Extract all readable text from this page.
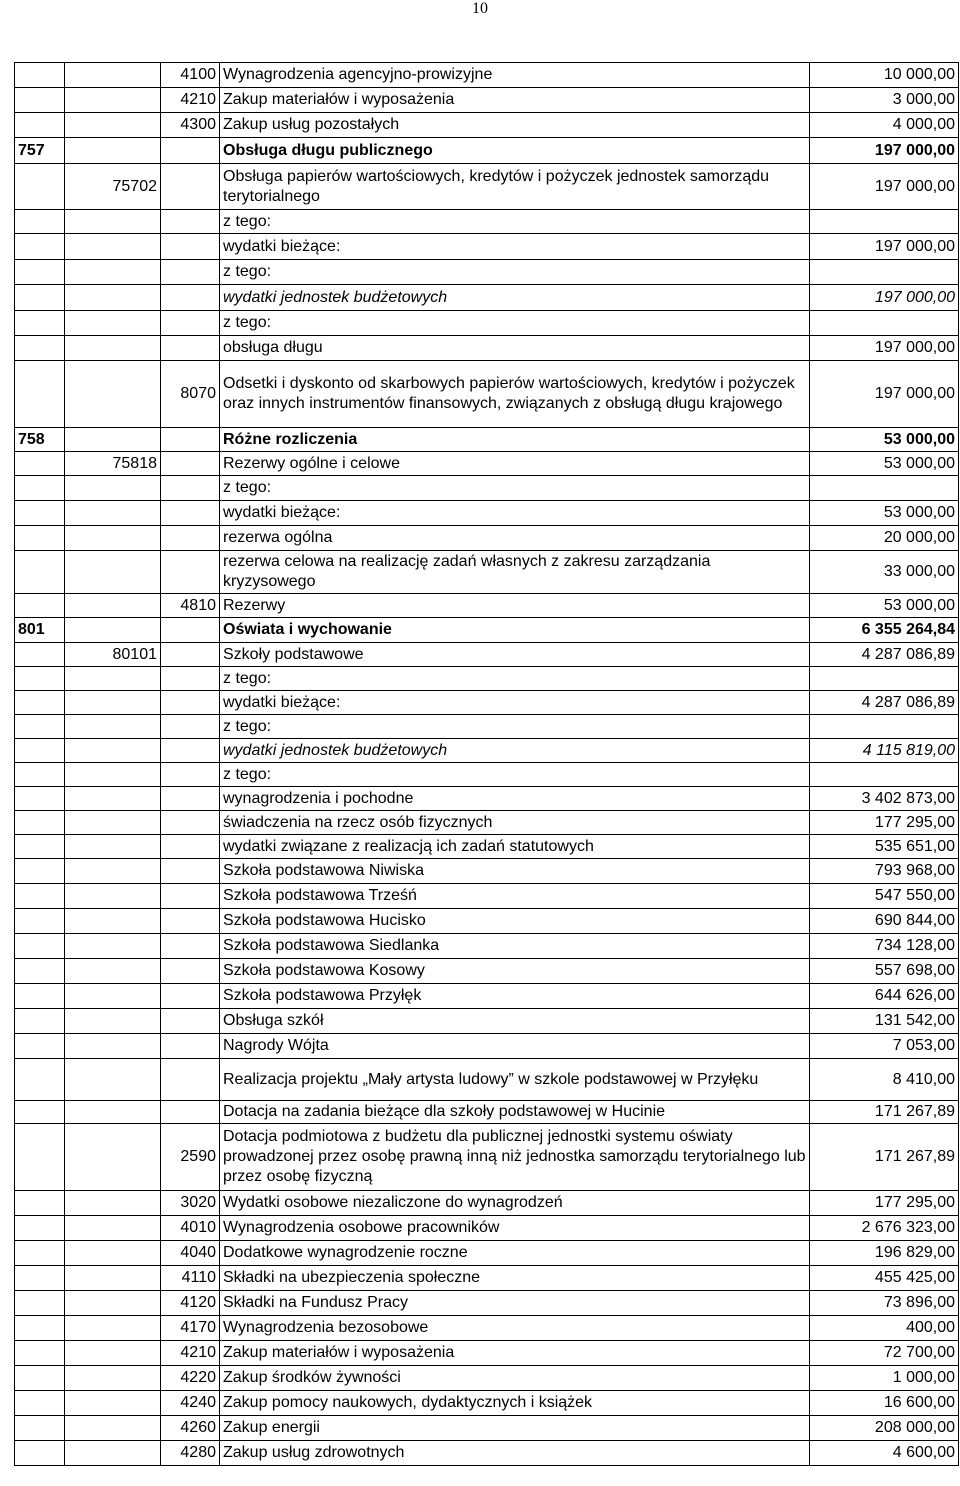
10
		4100	Wynagrodzenia agencyjno-prowizyjne	10 000,00
		4210	Zakup materiałów i wyposażenia	3 000,00
		4300	Zakup usług pozostałych	4 000,00
757			Obsługa długu publicznego	197 000,00
	75702		Obsługa papierów wartościowych, kredytów i pożyczek jednostek samorządu terytorialnego	197 000,00
			z tego:	
			wydatki bieżące:	197 000,00
			z tego:	
			wydatki jednostek budżetowych	197 000,00
			z tego:	
			obsługa długu	197 000,00
		8070	Odsetki i dyskonto od skarbowych papierów wartościowych, kredytów i pożyczek oraz innych instrumentów finansowych, związanych z obsługą długu krajowego	197 000,00
758			Różne rozliczenia	53 000,00
	75818		Rezerwy ogólne i celowe	53 000,00
			z tego:	
			wydatki bieżące:	53 000,00
			rezerwa ogólna	20 000,00
			rezerwa celowa na realizację zadań własnych z zakresu zarządzania kryzysowego	33 000,00
		4810	Rezerwy	53 000,00
801			Oświata i wychowanie	6 355 264,84
	80101		Szkoły podstawowe	4 287 086,89
			z tego:	
			wydatki bieżące:	4 287 086,89
			z tego:	
			wydatki jednostek budżetowych	4 115 819,00
			z tego:	
			wynagrodzenia i pochodne	3 402 873,00
			świadczenia na rzecz osób fizycznych	177 295,00
			wydatki związane z realizacją ich zadań statutowych	535 651,00
			Szkoła podstawowa Niwiska	793 968,00
			Szkoła podstawowa Trześń	547 550,00
			Szkoła podstawowa Hucisko	690 844,00
			Szkoła podstawowa Siedlanka	734 128,00
			Szkoła podstawowa Kosowy	557 698,00
			Szkoła podstawowa Przyłęk	644 626,00
			Obsługa szkół	131 542,00
			Nagrody Wójta	7 053,00
			Realizacja projektu „Mały artysta ludowy” w szkole podstawowej w Przyłęku	8 410,00
			Dotacja na zadania bieżące dla szkoły podstawowej w Hucinie	171 267,89
		2590	Dotacja podmiotowa z budżetu dla publicznej jednostki systemu oświaty prowadzonej przez osobę prawną inną niż jednostka samorządu terytorialnego lub przez osobę fizyczną	171 267,89
		3020	Wydatki osobowe niezaliczone do wynagrodzeń	177 295,00
		4010	Wynagrodzenia osobowe pracowników	2 676 323,00
		4040	Dodatkowe wynagrodzenie roczne	196 829,00
		4110	Składki na ubezpieczenia społeczne	455 425,00
		4120	Składki na Fundusz Pracy	73 896,00
		4170	Wynagrodzenia bezosobowe	400,00
		4210	Zakup materiałów i wyposażenia	72 700,00
		4220	Zakup środków żywności	1 000,00
		4240	Zakup pomocy naukowych, dydaktycznych i książek	16 600,00
		4260	Zakup energii	208 000,00
		4280	Zakup usług zdrowotnych	4 600,00
